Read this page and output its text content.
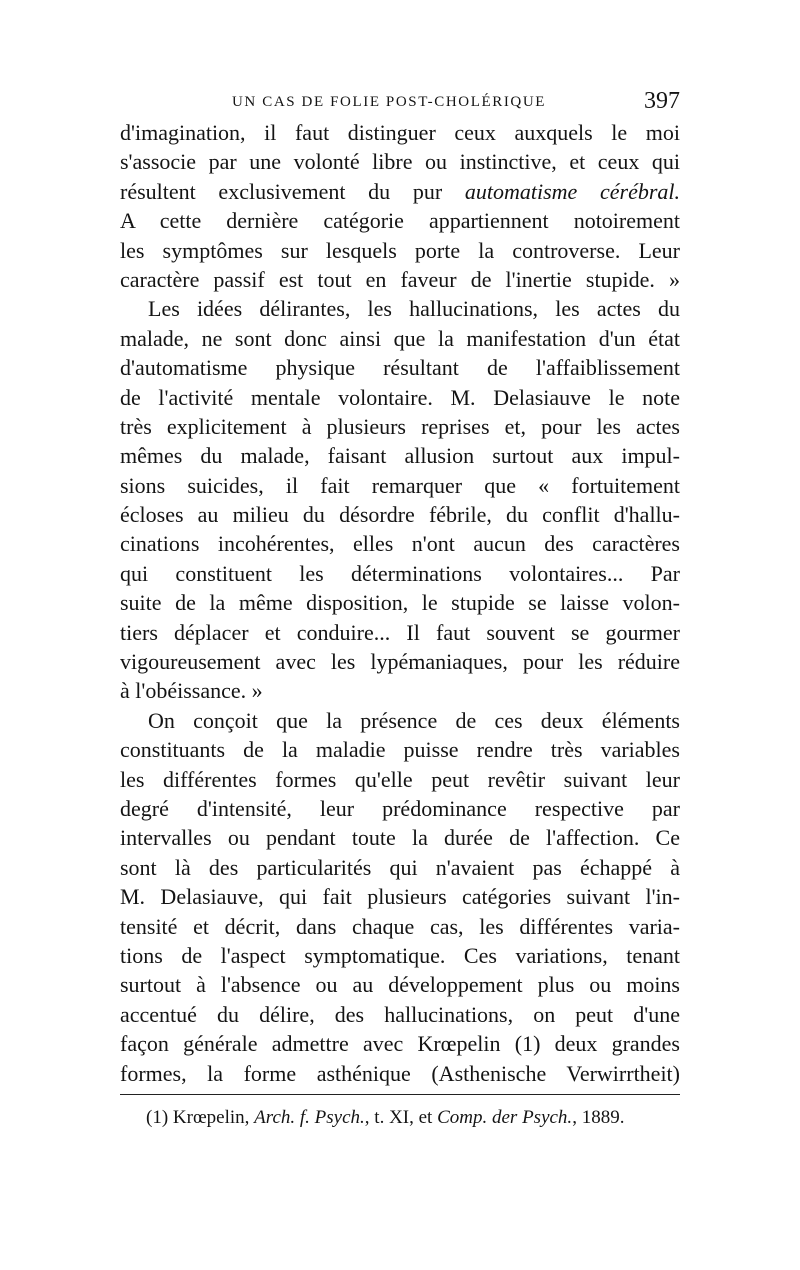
UN CAS DE FOLIE POST-CHOLÉRIQUE	397
d'imagination, il faut distinguer ceux auxquels le moi
s'associe par une volonté libre ou instinctive, et ceux qui
résultent exclusivement du pur automatisme cérébral.
A cette dernière catégorie appartiennent notoirement
les symptômes sur lesquels porte la controverse. Leur
caractère passif est tout en faveur de l'inertie stupide. »
Les idées délirantes, les hallucinations, les actes du
malade, ne sont donc ainsi que la manifestation d'un état
d'automatisme physique résultant de l'affaiblissement
de l'activité mentale volontaire. M. Delasiauve le note
très explicitement à plusieurs reprises et, pour les actes
mêmes du malade, faisant allusion surtout aux impul-
sions suicides, il fait remarquer que « fortuitement
écloses au milieu du désordre fébrile, du conflit d'hallu-
cinations incohérentes, elles n'ont aucun des caractères
qui constituent les déterminations volontaires... Par
suite de la même disposition, le stupide se laisse volon-
tiers déplacer et conduire... Il faut souvent se gourmer
vigoureusement avec les lypémaniaques, pour les réduire
à l'obéissance. »
On conçoit que la présence de ces deux éléments
constituants de la maladie puisse rendre très variables
les différentes formes qu'elle peut revêtir suivant leur
degré d'intensité, leur prédominance respective par
intervalles ou pendant toute la durée de l'affection. Ce
sont là des particularités qui n'avaient pas échappé à
M. Delasiauve, qui fait plusieurs catégories suivant l'in-
tensité et décrit, dans chaque cas, les différentes varia-
tions de l'aspect symptomatique. Ces variations, tenant
surtout à l'absence ou au développement plus ou moins
accentué du délire, des hallucinations, on peut d'une
façon générale admettre avec Krœpelin (1) deux grandes
formes, la forme asthénique (Asthenische Verwirrtheit)
(1) Krœpelin, Arch. f. Psych., t. XI, et Comp. der Psych., 1889.
